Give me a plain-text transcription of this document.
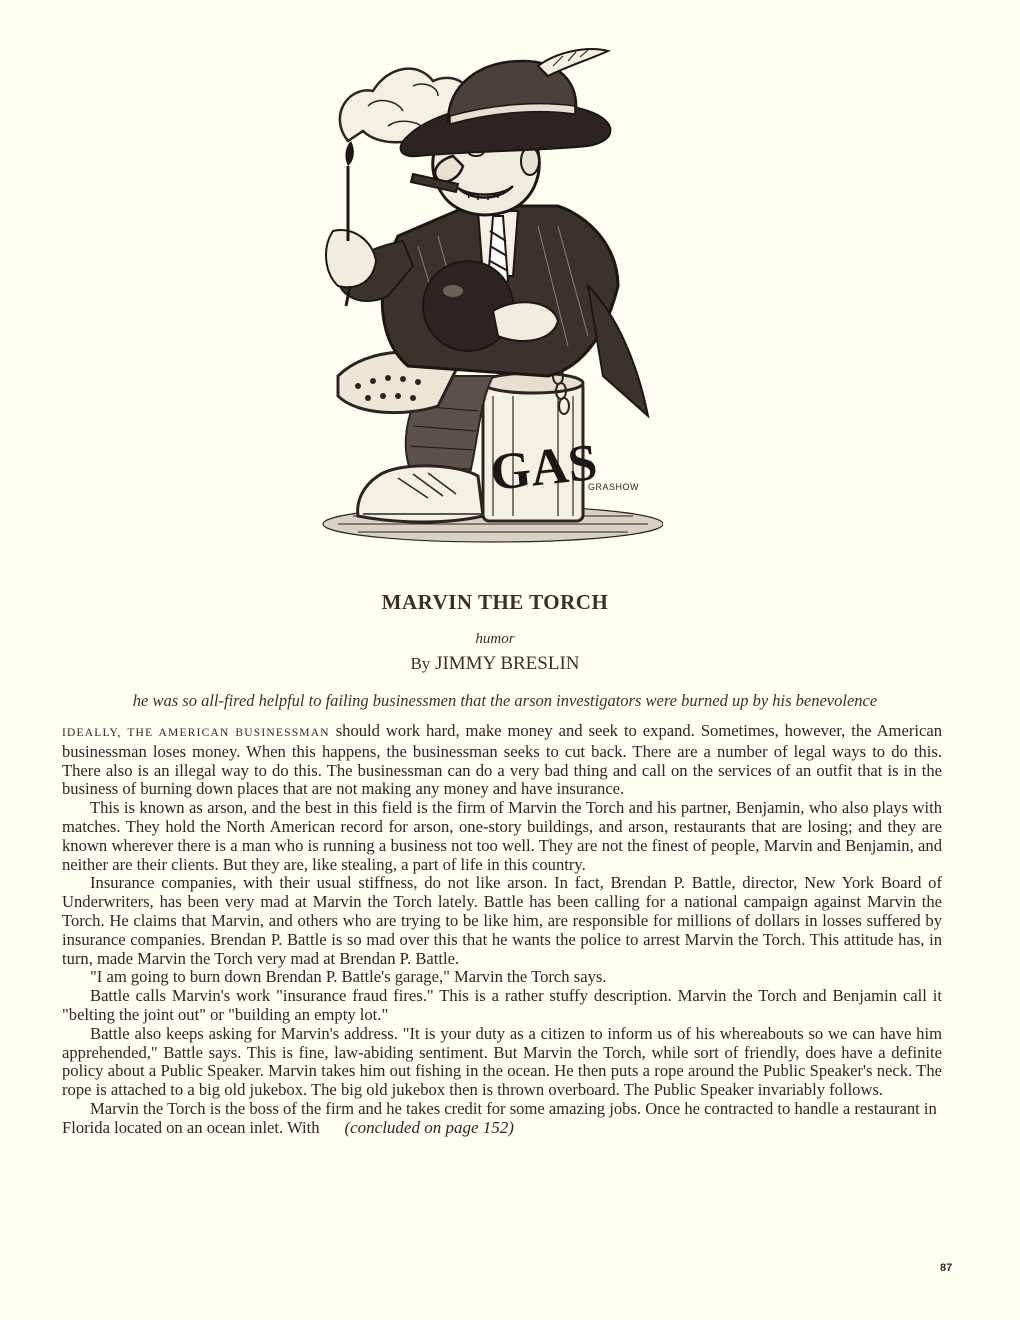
GAS
GRASHOW
MARVIN THE TORCH
humor
By JIMMY BRESLIN
he was so all-fired helpful to failing businessmen that the arson investigators were burned up by his benevolence

IDEALLY, THE AMERICAN BUSINESSMAN should work hard, make money and seek to expand. Sometimes, however, the American businessman loses money. When this happens, the businessman seeks to cut back. There are a number of legal ways to do this. There also is an illegal way to do this. The businessman can do a very bad thing and call on the services of an outfit that is in the business of burning down places that are not making any money and have insurance.

This is known as arson, and the best in this field is the firm of Marvin the Torch and his partner, Benjamin, who also plays with matches. They hold the North American record for arson, one-story buildings, and arson, restaurants that are losing; and they are known wherever there is a man who is running a business not too well. They are not the finest of people, Marvin and Benjamin, and neither are their clients. But they are, like stealing, a part of life in this country.

Insurance companies, with their usual stiffness, do not like arson. In fact, Brendan P. Battle, director, New York Board of Underwriters, has been very mad at Marvin the Torch lately. Battle has been calling for a national campaign against Marvin the Torch. He claims that Marvin, and others who are trying to be like him, are responsible for millions of dollars in losses suffered by insurance companies. Brendan P. Battle is so mad over this that he wants the police to arrest Marvin the Torch. This attitude has, in turn, made Marvin the Torch very mad at Brendan P. Battle.

"I am going to burn down Brendan P. Battle's garage," Marvin the Torch says.

Battle calls Marvin's work "insurance fraud fires." This is a rather stuffy description. Marvin the Torch and Benjamin call it "belting the joint out" or "building an empty lot."

Battle also keeps asking for Marvin's address. "It is your duty as a citizen to inform us of his whereabouts so we can have him apprehended," Battle says. This is fine, law-abiding sentiment. But Marvin the Torch, while sort of friendly, does have a definite policy about a Public Speaker. Marvin takes him out fishing in the ocean. He then puts a rope around the Public Speaker's neck. The rope is attached to a big old jukebox. The big old jukebox then is thrown overboard. The Public Speaker invariably follows.

Marvin the Torch is the boss of the firm and he takes credit for some amazing jobs. Once he contracted to handle a restaurant in Florida located on an ocean inlet. With (concluded on page 152)

87
